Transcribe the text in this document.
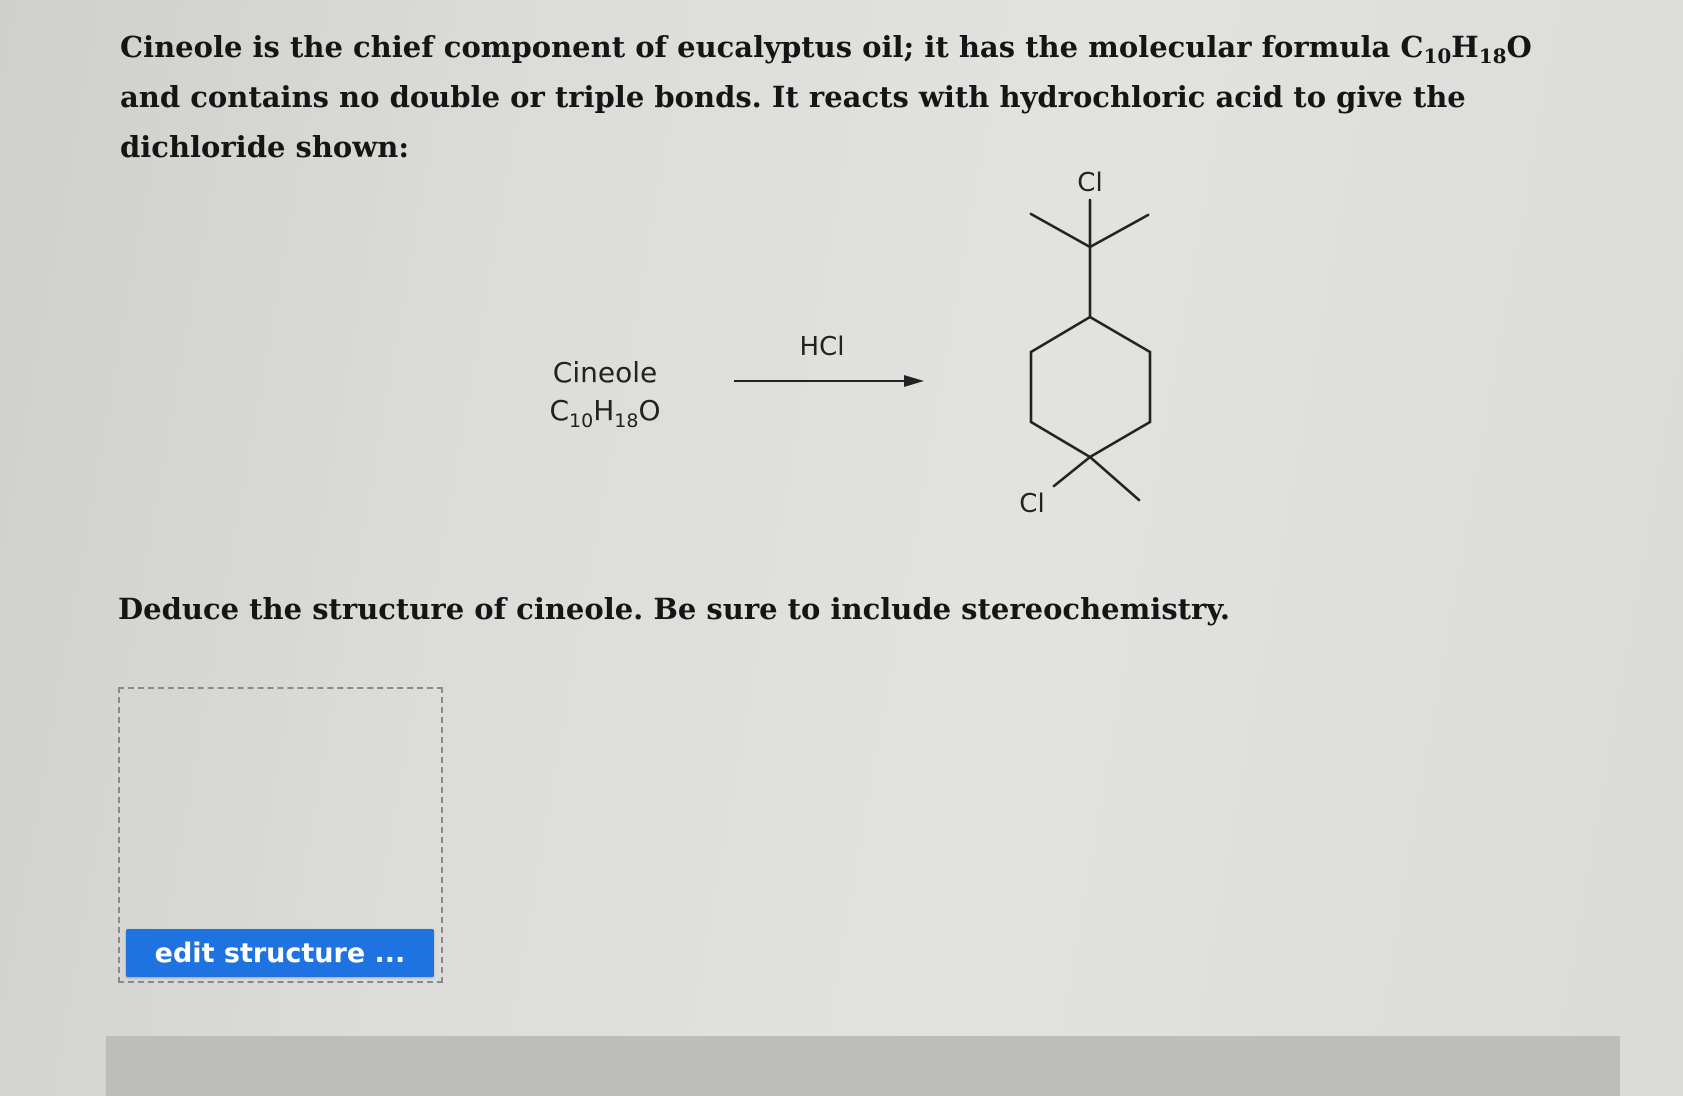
Cineole is the chief component of eucalyptus oil; it has the molecular formula $C_{10}H_{18}O$ and contains no double or triple bonds. It reacts with hydrochloric acid to give the dichloride shown:
Cineole
$C_{10}H_{18}O$
HCl
Cl
Cl
Deduce the structure of cineole. Be sure to include stereochemistry.
edit structure ...
